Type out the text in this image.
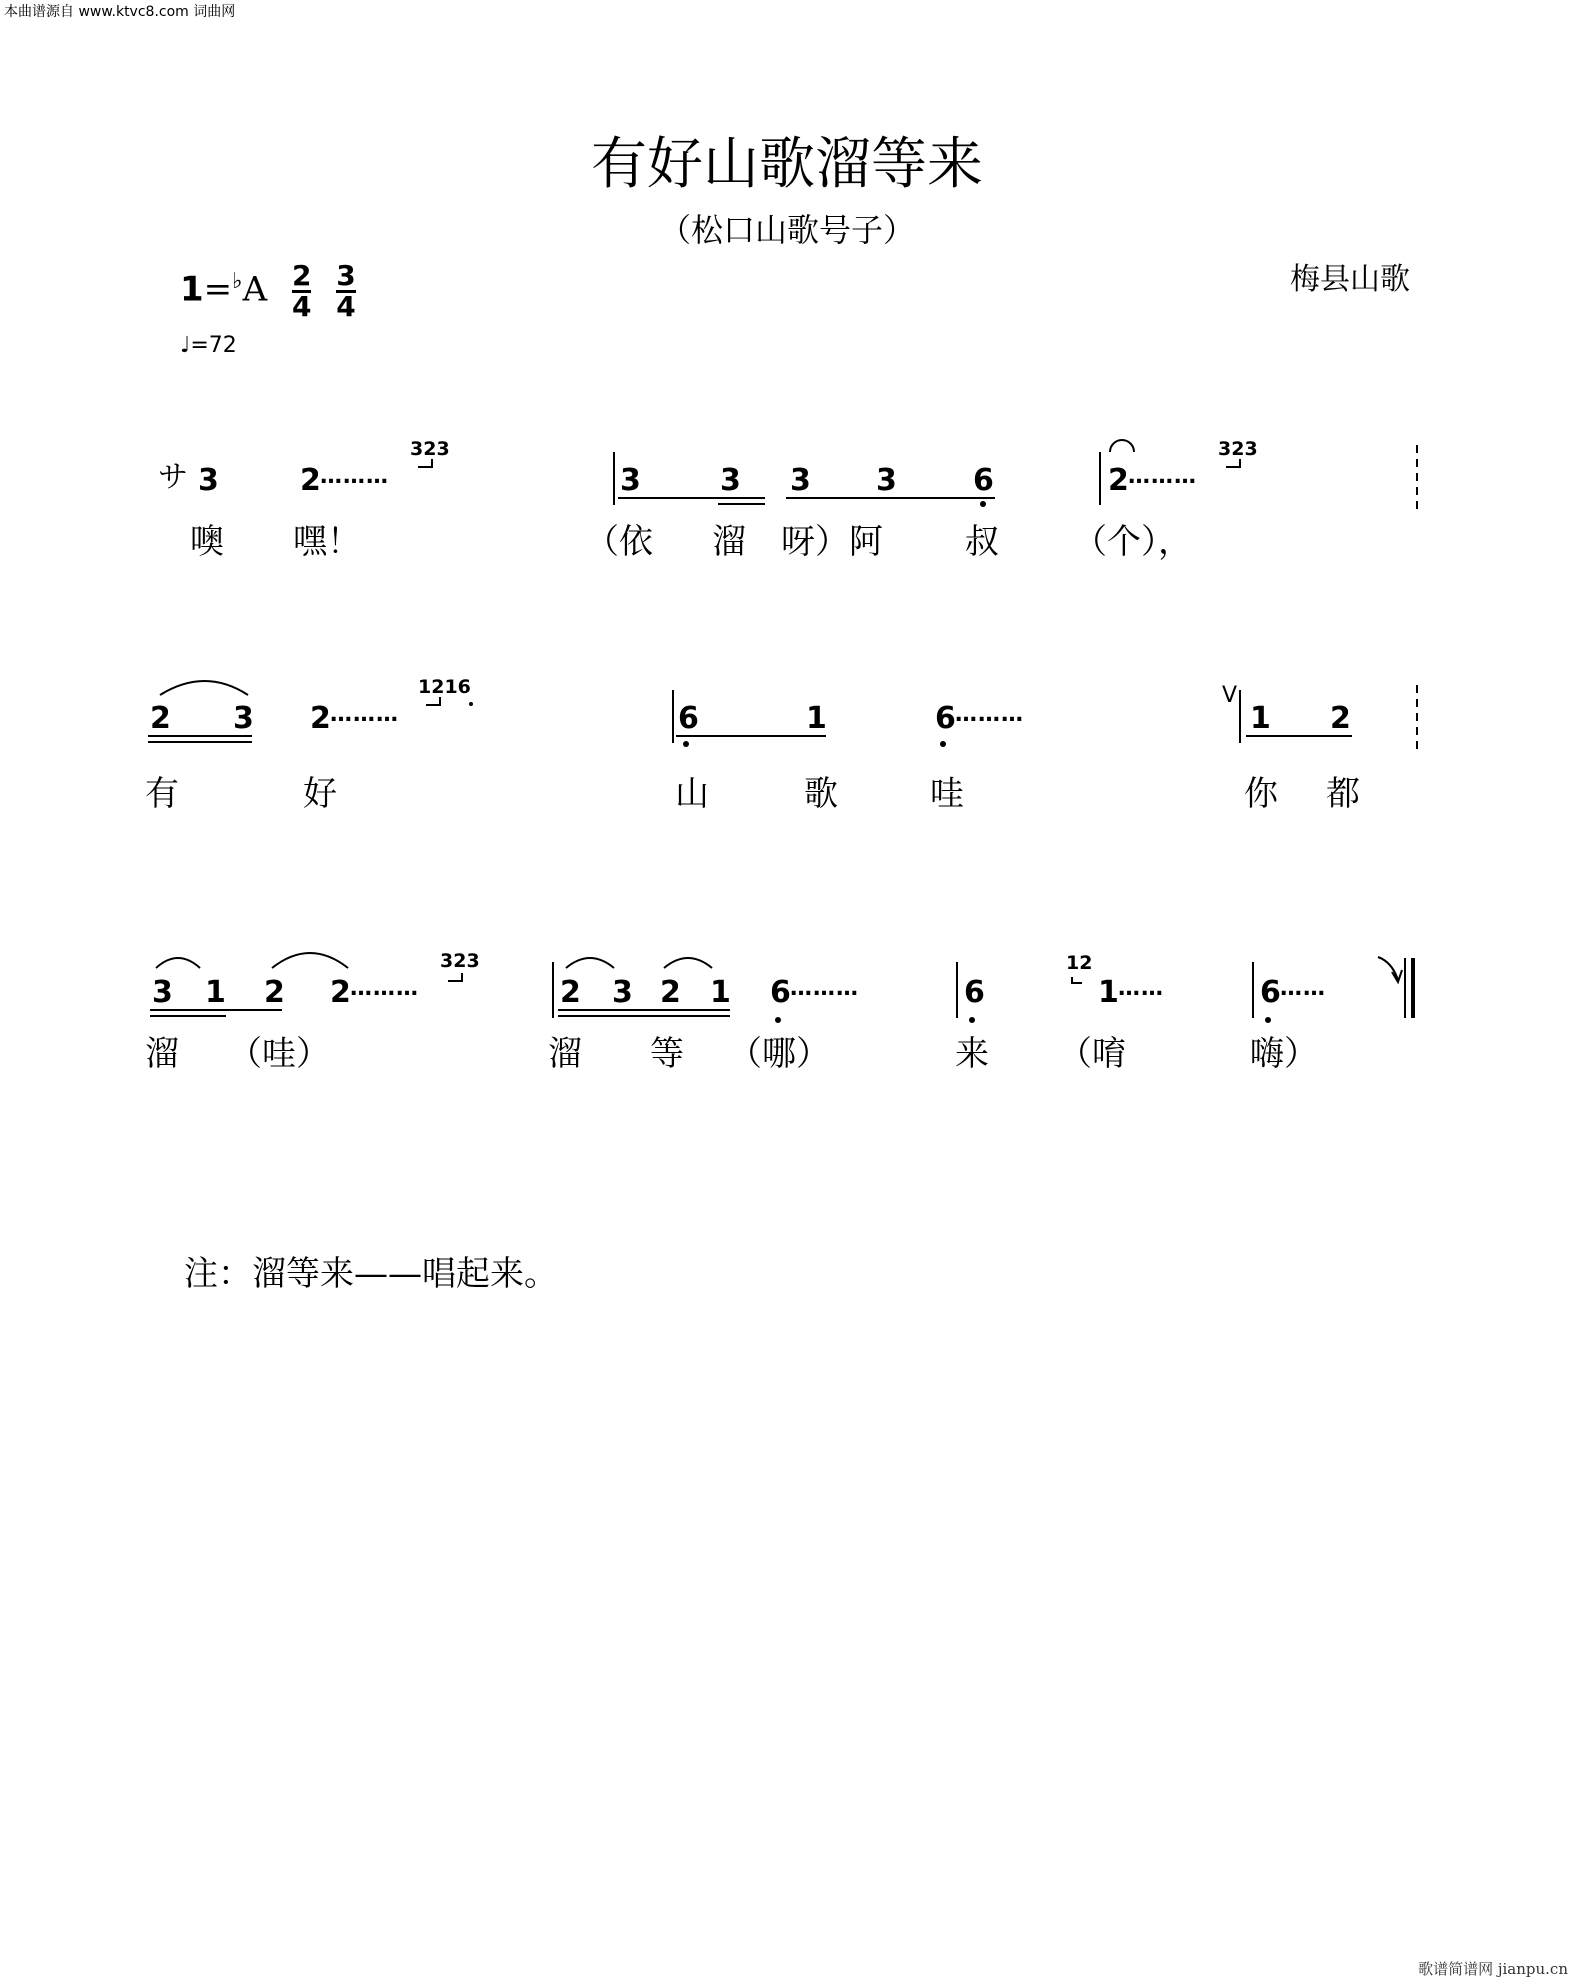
本曲谱源自 www.ktvc8.com 词曲网
有好山歌溜等来
（松口山歌号子）
梅县山歌
$1=^♭A \frac{2}{4}$
$\frac{3}{4}$
♩=72
サ 3	2 ………
323
3	3 3 3	6	2 ………
323
噢 嘿！	（依 溜 呀）阿 叔 （个），
2 3 2 ………
1216
6	1	6 ………
V
1 2
有	好	山	歌	哇	你 都
3 1 2 2 ………
323
2 3 2 1 6 ………	6
12
1 ……	6 ……
溜 （哇）	溜 等 （哪）	来 （唷	嗨）
注：溜等来——唱起来。
歌谱简谱网 jianpu.cn
